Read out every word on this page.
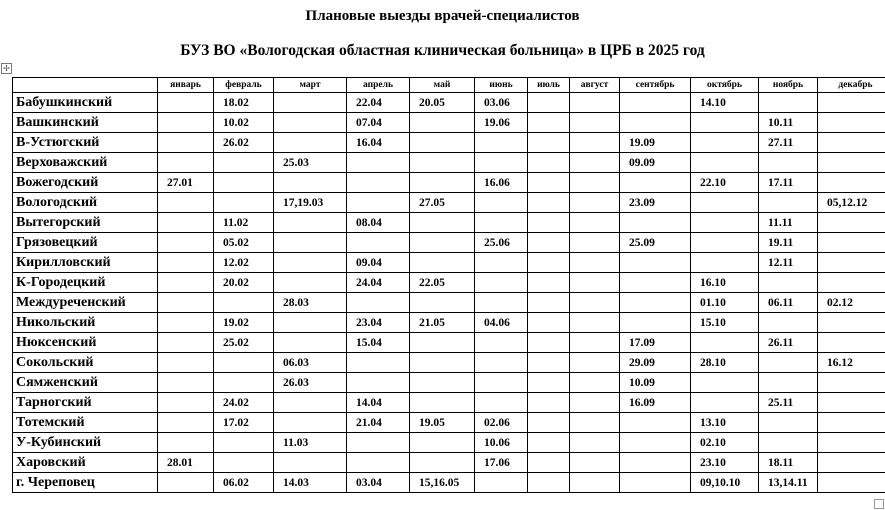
Плановые выезды врачей-специалистов
БУЗ ВО «Вологодская областная клиническая больница» в ЦРБ в 2025 год
✢
	январь	февраль	март	апрель	май	июнь	июль	август	сентябрь	октябрь	ноябрь	декабрь
Бабушкинский		18.02		22.04	20.05	03.06				14.10		
Вашкинский		10.02		07.04		19.06					10.11	
В-Устюгский		26.02		16.04					19.09		27.11	
Верховажский			25.03						09.09			
Вожегодский	27.01					16.06				22.10	17.11	
Вологодский			17,19.03		27.05				23.09			05,12.12
Вытегорский		11.02		08.04							11.11	
Грязовецкий		05.02				25.06			25.09		19.11	
Кирилловский		12.02		09.04							12.11	
К-Городецкий		20.02		24.04	22.05					16.10		
Междуреченский			28.03							01.10	06.11	02.12
Никольский		19.02		23.04	21.05	04.06				15.10		
Нюксенский		25.02		15.04					17.09		26.11	
Сокольский			06.03						29.09	28.10		16.12
Сямженский			26.03						10.09			
Тарногский		24.02		14.04					16.09		25.11	
Тотемский		17.02		21.04	19.05	02.06				13.10		
У-Кубинский			11.03			10.06				02.10		
Харовский	28.01					17.06				23.10	18.11	
г. Череповец		06.02	14.03	03.04	15,16.05					09,10.10	13,14.11	
